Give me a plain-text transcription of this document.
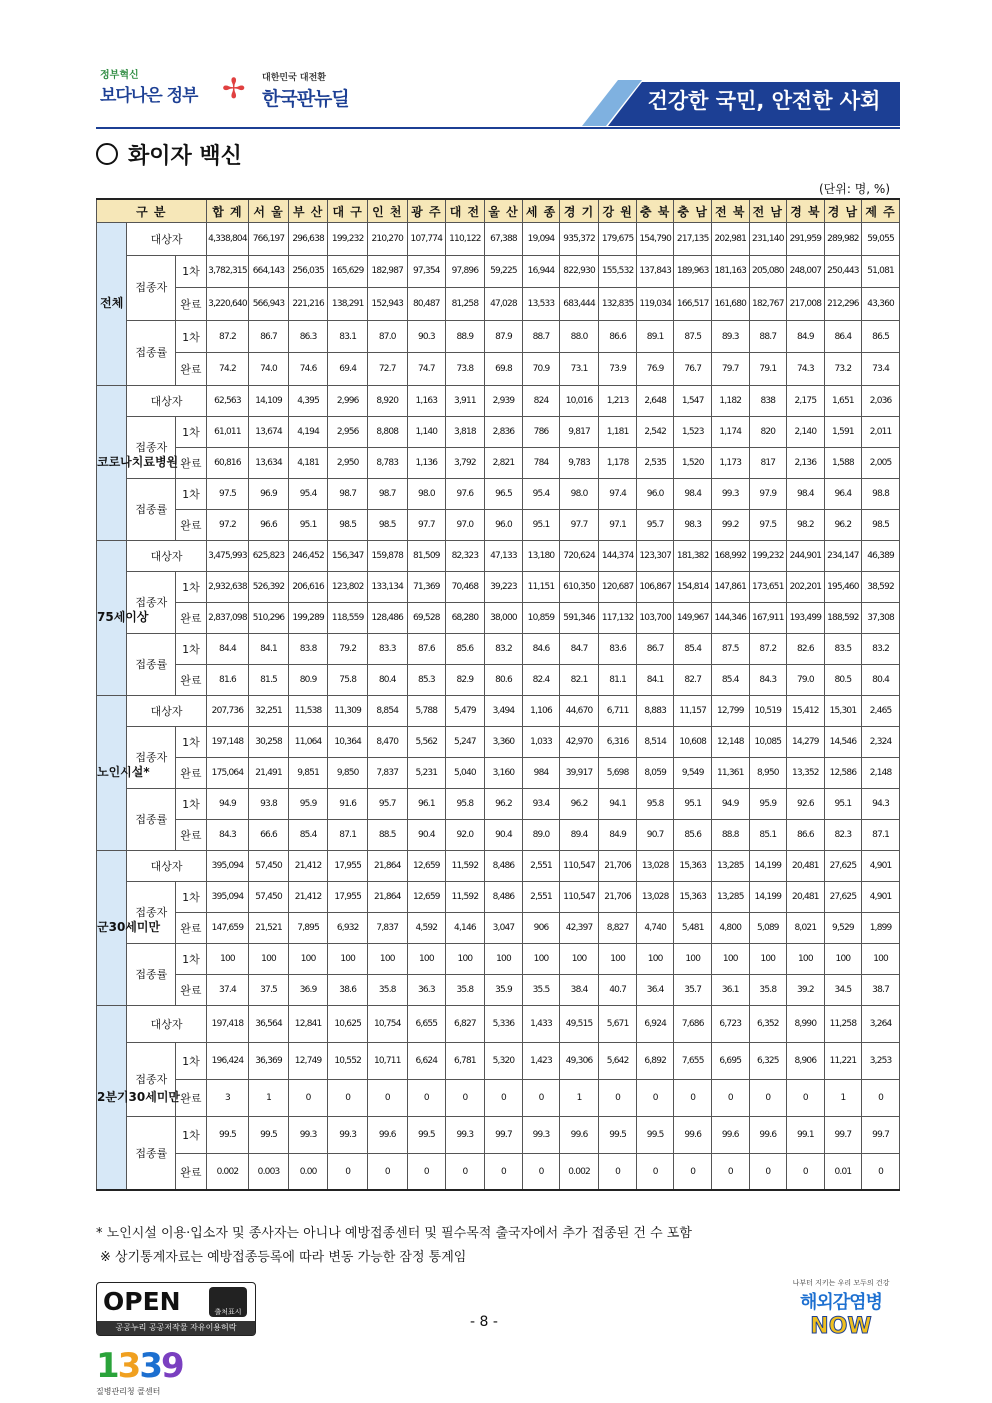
정부혁신
보다나은 정부 ✢ 대한민국 대전환
한국판뉴딜	건강한 국민, 안전한 사회
화이자 백신
(단위: 명, %)
구 분			합 계	서 울	부 산	대 구	인 천	광 주	대 전	울 산	세 종	경 기	강 원	충 북	충 남	전 북	전 남	경 북	경 남	제 주
전체	대상자		4,338,804	766,197	296,638	199,232	210,270	107,774	110,122	67,388	19,094	935,372	179,675	154,790	217,135	202,981	231,140	291,959	289,982	59,055
	접종자	1차	3,782,315	664,143	256,035	165,629	182,987	97,354	97,896	59,225	16,944	822,930	155,532	137,843	189,963	181,163	205,080	248,007	250,443	51,081
		완료	3,220,640	566,943	221,216	138,291	152,943	80,487	81,258	47,028	13,533	683,444	132,835	119,034	166,517	161,680	182,767	217,008	212,296	43,360
	접종률	1차	87.2	86.7	86.3	83.1	87.0	90.3	88.9	87.9	88.7	88.0	86.6	89.1	87.5	89.3	88.7	84.9	86.4	86.5
		완료	74.2	74.0	74.6	69.4	72.7	74.7	73.8	69.8	70.9	73.1	73.9	76.9	76.7	79.7	79.1	74.3	73.2	73.4
코로나치료병원	대상자		62,563	14,109	4,395	2,996	8,920	1,163	3,911	2,939	824	10,016	1,213	2,648	1,547	1,182	838	2,175	1,651	2,036
	접종자	1차	61,011	13,674	4,194	2,956	8,808	1,140	3,818	2,836	786	9,817	1,181	2,542	1,523	1,174	820	2,140	1,591	2,011
		완료	60,816	13,634	4,181	2,950	8,783	1,136	3,792	2,821	784	9,783	1,178	2,535	1,520	1,173	817	2,136	1,588	2,005
	접종률	1차	97.5	96.9	95.4	98.7	98.7	98.0	97.6	96.5	95.4	98.0	97.4	96.0	98.4	99.3	97.9	98.4	96.4	98.8
		완료	97.2	96.6	95.1	98.5	98.5	97.7	97.0	96.0	95.1	97.7	97.1	95.7	98.3	99.2	97.5	98.2	96.2	98.5
75세이상	대상자		3,475,993	625,823	246,452	156,347	159,878	81,509	82,323	47,133	13,180	720,624	144,374	123,307	181,382	168,992	199,232	244,901	234,147	46,389
	접종자	1차	2,932,638	526,392	206,616	123,802	133,134	71,369	70,468	39,223	11,151	610,350	120,687	106,867	154,814	147,861	173,651	202,201	195,460	38,592
		완료	2,837,098	510,296	199,289	118,559	128,486	69,528	68,280	38,000	10,859	591,346	117,132	103,700	149,967	144,346	167,911	193,499	188,592	37,308
	접종률	1차	84.4	84.1	83.8	79.2	83.3	87.6	85.6	83.2	84.6	84.7	83.6	86.7	85.4	87.5	87.2	82.6	83.5	83.2
		완료	81.6	81.5	80.9	75.8	80.4	85.3	82.9	80.6	82.4	82.1	81.1	84.1	82.7	85.4	84.3	79.0	80.5	80.4
노인시설*	대상자		207,736	32,251	11,538	11,309	8,854	5,788	5,479	3,494	1,106	44,670	6,711	8,883	11,157	12,799	10,519	15,412	15,301	2,465
	접종자	1차	197,148	30,258	11,064	10,364	8,470	5,562	5,247	3,360	1,033	42,970	6,316	8,514	10,608	12,148	10,085	14,279	14,546	2,324
		완료	175,064	21,491	9,851	9,850	7,837	5,231	5,040	3,160	984	39,917	5,698	8,059	9,549	11,361	8,950	13,352	12,586	2,148
	접종률	1차	94.9	93.8	95.9	91.6	95.7	96.1	95.8	96.2	93.4	96.2	94.1	95.8	95.1	94.9	95.9	92.6	95.1	94.3
		완료	84.3	66.6	85.4	87.1	88.5	90.4	92.0	90.4	89.0	89.4	84.9	90.7	85.6	88.8	85.1	86.6	82.3	87.1
군30세미만	대상자		395,094	57,450	21,412	17,955	21,864	12,659	11,592	8,486	2,551	110,547	21,706	13,028	15,363	13,285	14,199	20,481	27,625	4,901
	접종자	1차	395,094	57,450	21,412	17,955	21,864	12,659	11,592	8,486	2,551	110,547	21,706	13,028	15,363	13,285	14,199	20,481	27,625	4,901
		완료	147,659	21,521	7,895	6,932	7,837	4,592	4,146	3,047	906	42,397	8,827	4,740	5,481	4,800	5,089	8,021	9,529	1,899
	접종률	1차	100	100	100	100	100	100	100	100	100	100	100	100	100	100	100	100	100	100
		완료	37.4	37.5	36.9	38.6	35.8	36.3	35.8	35.9	35.5	38.4	40.7	36.4	35.7	36.1	35.8	39.2	34.5	38.7
2분기30세미만	대상자		197,418	36,564	12,841	10,625	10,754	6,655	6,827	5,336	1,433	49,515	5,671	6,924	7,686	6,723	6,352	8,990	11,258	3,264
	접종자	1차	196,424	36,369	12,749	10,552	10,711	6,624	6,781	5,320	1,423	49,306	5,642	6,892	7,655	6,695	6,325	8,906	11,221	3,253
		완료	3	1	0	0	0	0	0	0	0	1	0	0	0	0	0	0	1	0
	접종률	1차	99.5	99.5	99.3	99.3	99.6	99.5	99.3	99.7	99.3	99.6	99.5	99.5	99.6	99.6	99.6	99.1	99.7	99.7
		완료	0.002	0.003	0.00	0	0	0	0	0	0	0.002	0	0	0	0	0	0	0.01	0
* 노인시설 이용·입소자 및 종사자는 아니나 예방접종센터 및 필수목적 출국자에서 추가 접종된 건 수 포함
※ 상기통계자료는 예방접종등록에 따라 변동 가능한 잠정 통계임
OPEN	출처표시
공공누리 공공저작물 자유이용허락	- 8 -
나부터 지키는 우리 모두의 건강
해외감염병
NOW
1339
질병관리청 콜센터
